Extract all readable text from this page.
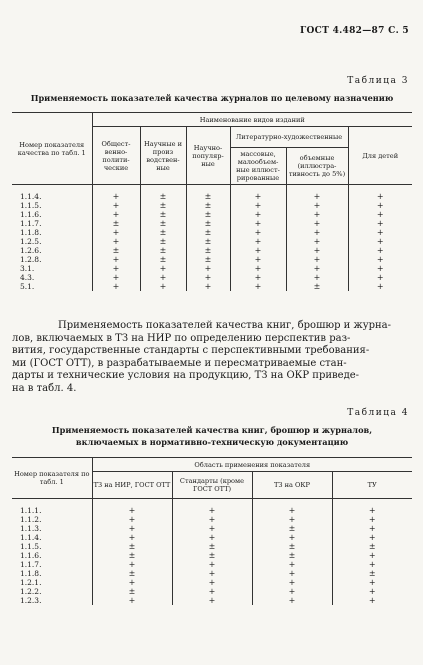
ГОСТ 4.482—87 С. 5
Таблица 3
Применяемость показателей качества журналов по целевому назначению
Номер показателя качества по табл. 1	Наименование видов изданий					
	Общест-венно-полити-ческие	Научные и произ водствен-ные	Научно-популяр-ные	Литературно-художественные		Для детей
				массовые, малообъем-ные иллюст-рированные	объемные (иллюстра-тивность до 5%)	

1.1.4.	+	±	±	+	+	+
1.1.5.	+	±	±	+	+	+
1.1.6.	+	±	±	+	+	+
1.1.7.	±	±	±	+	+	+
1.1.8.	+	±	±	+	+	+
1.2.5.	+	±	±	+	+	+
1.2.6.	±	±	±	+	+	+
1.2.8.	+	±	±	+	+	+
3.1.	+	+	+	+	+	+
4.3.	+	+	+	+	+	+
5.1.	+	+	+	+	±	+
Применяемость показателей качества книг, брошюр и журна-
лов, включаемых в ТЗ на НИР по определению перспектив раз-
вития, государственные стандарты с перспективными требования-
ми (ГОСТ ОТТ), в разрабатываемые и пересматриваемые стан-
дарты и технические условия на продукцию, ТЗ на ОКР приведе-
на в табл. 4.
Таблица 4
Применяемость показателей качества книг, брошюр и журналов,
включаемых в нормативно-техническую документацию
Номер показателя по табл. 1	Область применения показателя			
	ТЗ на НИР, ГОСТ ОТТ	Стандарты (кроме ГОСТ ОТТ)	ТЗ на ОКР	ТУ

1.1.1.	+	+	+	+
1.1.2.	+	+	+	+
1.1.3.	+	+	±	+
1.1.4.	+	+	+	+
1.1.5.	±	±	±	±
1.1.6.	±	±	±	+
1.1.7.	+	+	+	+
1.1.8.	±	+	+	±
1.2.1.	+	+	+	+
1.2.2.	±	+	+	+
1.2.3.	+	+	+	+
